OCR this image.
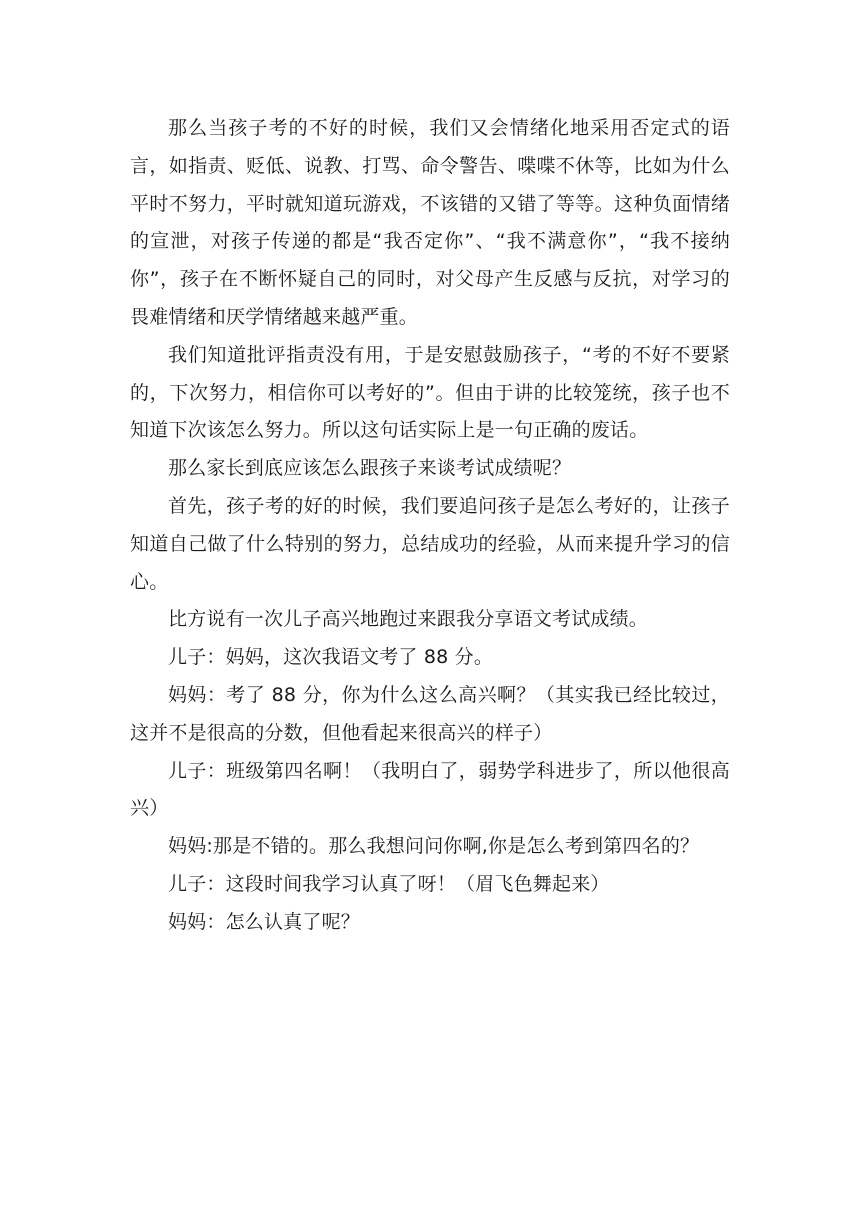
那么当孩子考的不好的时候，我们又会情绪化地采用否定式的语言，如指责、贬低、说教、打骂、命令警告、喋喋不休等，比如为什么平时不努力，平时就知道玩游戏，不该错的又错了等等。这种负面情绪的宣泄，对孩子传递的都是“我否定你”、“我不满意你”，“我不接纳你”，孩子在不断怀疑自己的同时，对父母产生反感与反抗，对学习的畏难情绪和厌学情绪越来越严重。

我们知道批评指责没有用，于是安慰鼓励孩子，“考的不好不要紧的，下次努力，相信你可以考好的”。但由于讲的比较笼统，孩子也不知道下次该怎么努力。所以这句话实际上是一句正确的废话。

那么家长到底应该怎么跟孩子来谈考试成绩呢？

首先，孩子考的好的时候，我们要追问孩子是怎么考好的，让孩子知道自己做了什么特别的努力，总结成功的经验，从而来提升学习的信心。

比方说有一次儿子高兴地跑过来跟我分享语文考试成绩。

儿子：妈妈，这次我语文考了 88 分。

妈妈：考了 88 分，你为什么这么高兴啊？（其实我已经比较过，这并不是很高的分数，但他看起来很高兴的样子）

儿子：班级第四名啊！（我明白了，弱势学科进步了，所以他很高兴）

妈妈:那是不错的。那么我想问问你啊,你是怎么考到第四名的？

儿子：这段时间我学习认真了呀！（眉飞色舞起来）

妈妈：怎么认真了呢？
